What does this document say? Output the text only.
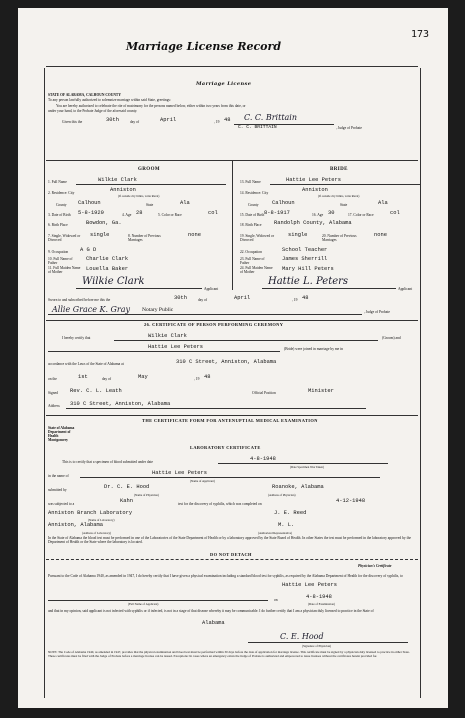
Marriage License Record
173
Marriage License
STATE OF ALABAMA, CALHOUN COUNTY
To any person lawfully authorized to solemnize marriage within said State, greetings:
You are hereby authorized to celebrate the rite of matrimony for the persons named below, either within two years from this date, or
under your hand, to the Probate Judge of the aforesaid county.
Given this the	30th	day of	April	, 19 48 C. C. Brittain
C. C. BRITTAIN	, Judge of Probate
GROOM	BRIDE
1. Full Name	Wilkie Clark
2. Residence: City	Anniston
(If outside city limits, write Rural)
County Calhoun	State	Ala
3. Date of Birth 5-8-1920	4. Age 28	5. Color or Race	col
6. Birth Place	Bowdon, Ga.
7. Single, Widowed or Divorced
single	8. Number of Previous Marriages
none
9. Occupation A G D
10. Full Name of Father
Charlie Clark
11. Full Maiden Name of Mother
Louella Baker
Wilkie Clark
Applicant
13. Full Name	Hattie Lee Peters
14. Residence: City	Anniston
(If outside city limits, write Rural)
County Calhoun	State	Ala
15. Date of Birth 8-8-1917	16. Age 30	17. Color or Race	col
18. Birth Place Randolph County, Alabama
19. Single, Widowed or Divorced
single	20. Number of Previous Marriages
none
22. Occupation	School Teacher
23. Full Name of Father
James Sherrill
24. Full Maiden Name of Mother
Mary Hill Peters
Hattie L. Peters
Applicant
Sworn to and subscribed before me this the	30th	day of	April	, 19 48
, Judge of Probate
Allie Grace K. Gray Notary Public
26. CERTIFICATE OF PERSON PERFORMING CEREMONY
I hereby certify that	Wilkie Clark	(Groom) and
Hattie Lee Peters	(Bride) were joined in marriage by me in
accordance with the Laws of the State of Alabama at	310 C Street, Anniston, Alabama
on the	1st	day of	May	, 19 48
Signed Rev. C. L. Leath	Official Position	Minister
Address 310 C Street, Anniston, Alabama
THE CERTIFICATE FORM FOR ANTENUPTIAL MEDICAL EXAMINATION
State of Alabama
Department of
Health
Montgomery
LABORATORY CERTIFICATE
This is to certify that a specimen of blood submitted under date	4-8-1948
(Date Specimen Was Taken)
in the name of	Hattie Lee Peters
(Name of Applicant)
submitted by	Dr. C. E. Hood
(Name of Physician)
Roanoke, Alabama
(Address of Physician)
was subjected to a	Kahn	test for the discovery of syphilis, which was completed on	4-12-1948
Anniston Branch Laboratory
(Name of Laboratory)
J. E. Reed
Anniston, Alabama
(Address of Laboratory)
M. L.
(Authorized Representative)
In the State of Alabama the blood test must be performed in one of the Laboratories of the State Department of Health or by a laboratory approved by the State Board of Health. In other States the test must be performed in the laboratory approved by the Department of Health or the State where the laboratory is located.
DO NOT DETACH
Physician's Certificate
Pursuant to the Code of Alabama 1940, as amended in 1947, I do hereby certify that I have given a physical examination including a standard blood test for syphilis, as required by the Alabama Department of Health for the discovery of syphilis, to
Hattie Lee Peters
(Full Name of Applicant)
on	4-8-1948
(Date of Examination)
and that in my opinion, said applicant is not infected with syphilis or if infected, is not in a stage of that disease whereby it may be communicable. I do further certify that I am a physician duly licensed to practice in the State of
Alabama
C. E. Hood
(Signature of Physician)
NOTE: The Code of Alabama 1940, as amended in 1947, provides that the physical examination and blood test must be performed within 30 days before the date of application for marriage license. This certificate must be signed by a physician duly licensed to practice in either State. These certificates must be filed with the Judge of Probate before a marriage license can be issued. Exceptions: In cases where an emergency exists the Judge of Probate is authorized and empowered to issue licenses without the certificates herein provided for.
